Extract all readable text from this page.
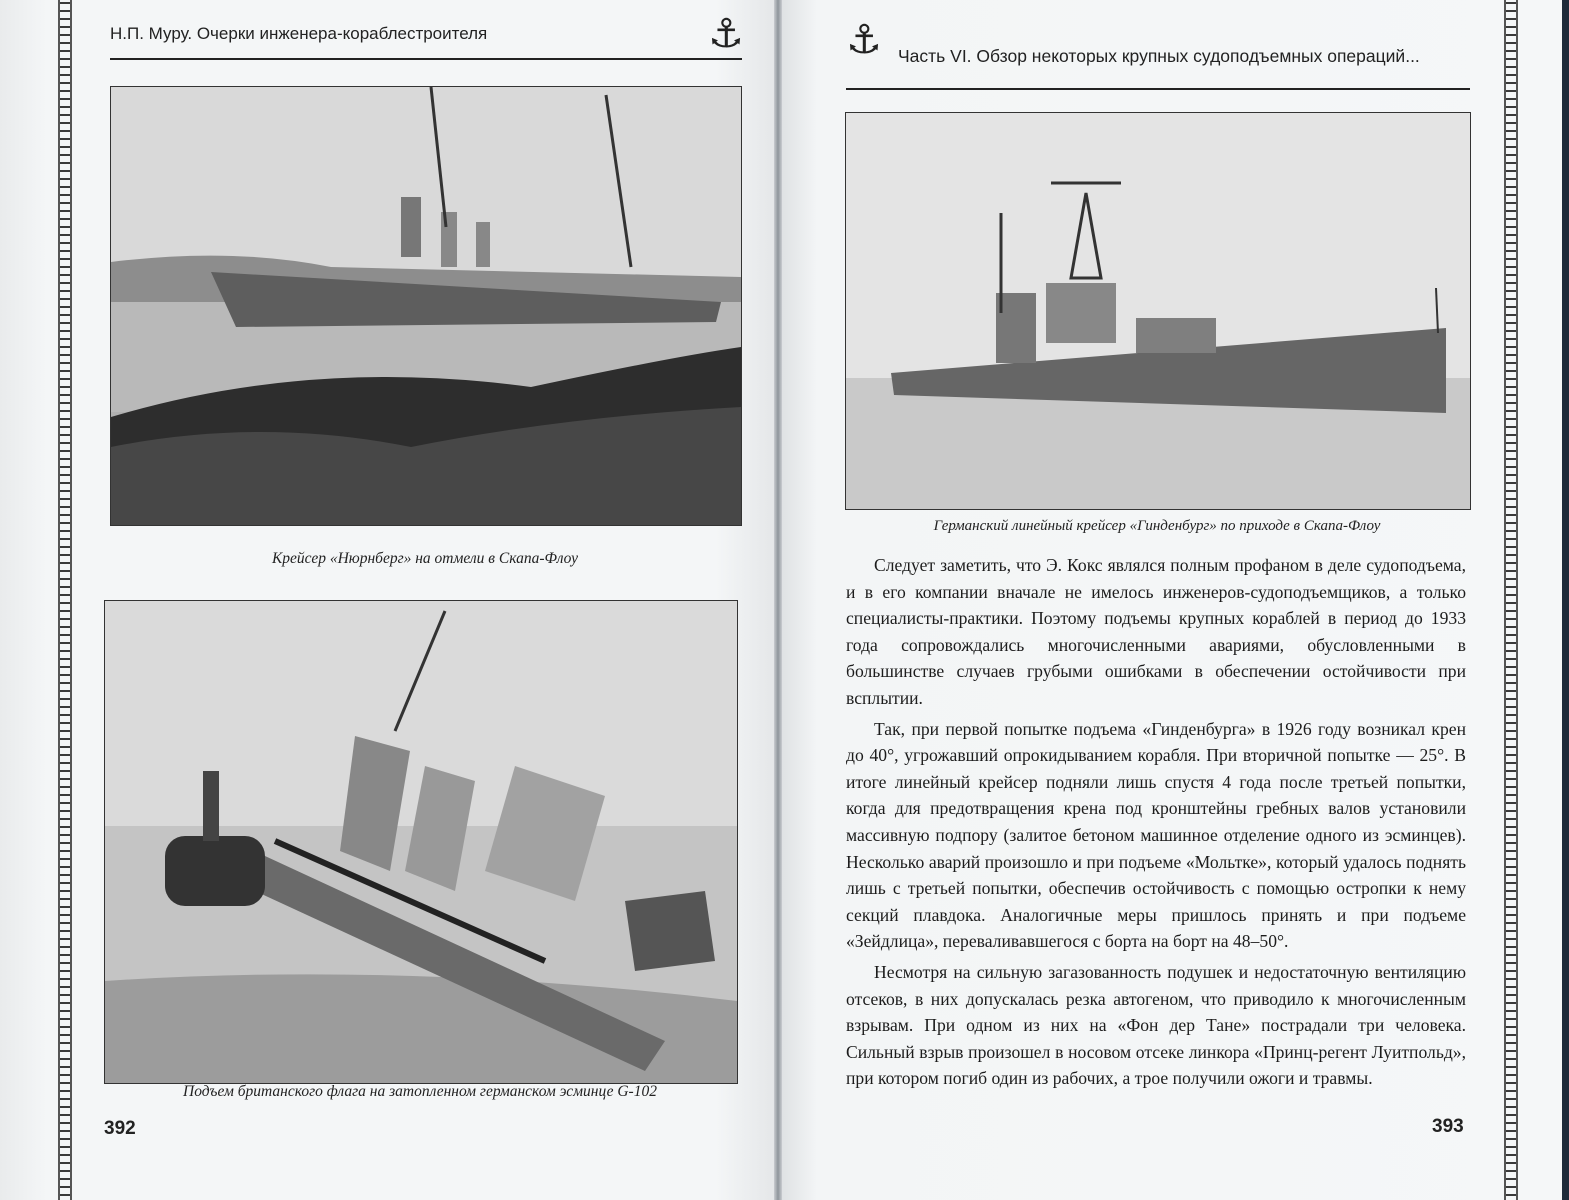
Н.П. Муру. Очерки инженера-кораблестроителя	⚓
Крейсер «Нюрнберг» на отмели в Скапа-Флоу
Подъем британского флага на затопленном германском эсминце G-102
392
⚓ Часть VI. Обзор некоторых крупных судоподъемных операций...
Германский линейный крейсер «Гинденбург» по приходе в Скапа-Флоу

Следует заметить, что Э. Кокс являлся полным профаном в деле судоподъема, и в его компании вначале не имелось инженеров-судоподъемщиков, а только специалисты-практики. Поэтому подъемы крупных кораблей в период до 1933 года сопровождались многочисленными авариями, обусловленными в большинстве случаев грубыми ошибками в обеспечении остойчивости при всплытии.

Так, при первой попытке подъема «Гинденбурга» в 1926 году возникал крен до 40°, угрожавший опрокидыванием корабля. При вторичной попытке — 25°. В итоге линейный крейсер подняли лишь спустя 4 года после третьей попытки, когда для предотвращения крена под кронштейны гребных валов установили массивную подпору (залитое бетоном машинное отделение одного из эсминцев). Несколько аварий произошло и при подъеме «Мольтке», который удалось поднять лишь с третьей попытки, обеспечив остойчивость с помощью остропки к нему секций плавдока. Аналогичные меры пришлось принять и при подъеме «Зейдлица», переваливавшегося с борта на борт на 48–50°.

Несмотря на сильную загазованность подушек и недостаточную вентиляцию отсеков, в них допускалась резка автогеном, что приводило к многочисленным взрывам. При одном из них на «Фон дер Тане» пострадали три человека. Сильный взрыв произошел в носовом отсеке линкора «Принц-регент Луитпольд», при котором погиб один из рабочих, а трое получили ожоги и травмы.

393
